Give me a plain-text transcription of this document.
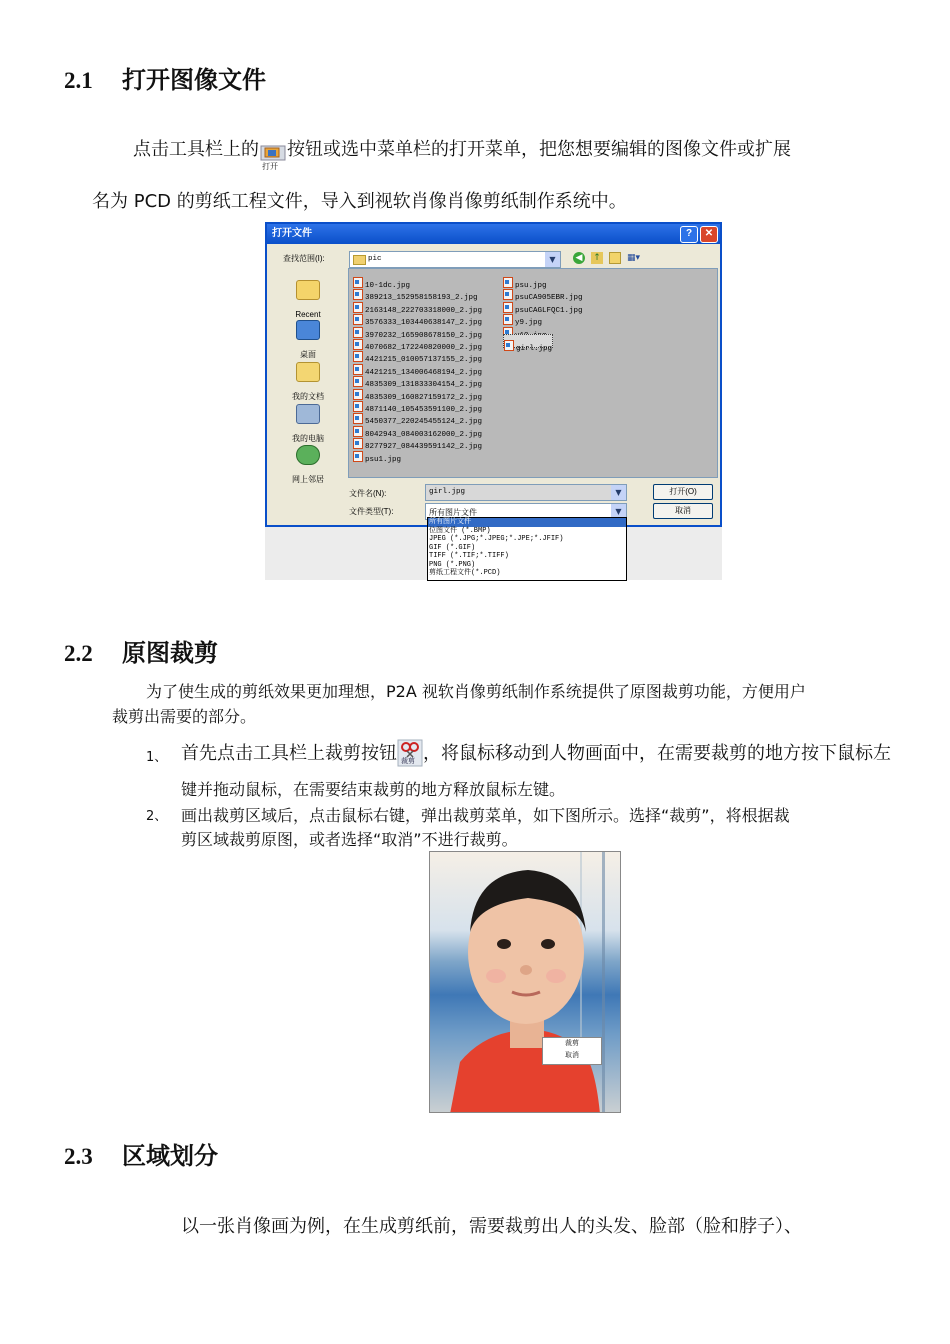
2.1 打开图像文件
点击工具栏上的
打开
按钮或选中菜单栏的打开菜单，把您想要编辑的图像文件或扩展
名为 PCD 的剪纸工程文件，导入到视软肖像肖像剪纸制作系统中。
打开文件	?	✕
查找范围(I):	pic	▼	◀ ↑	▦▾
Recent
桌面
我的文档
我的电脑
网上邻居
10-1dc.jpg
389213_152958158193_2.jpg
2163148_222703318000_2.jpg
3576333_103440638147_2.jpg
3970232_165908678150_2.jpg
4070682_172240820000_2.jpg
4421215_010057137155_2.jpg
4421215_134006468194_2.jpg
4835309_131833304154_2.jpg
4835309_160827159172_2.jpg
4871140_105453591100_2.jpg
5450377_220245455124_2.jpg
8042943_084003162000_2.jpg
8277927_084439591142_2.jpg
psu1.jpg
psu.jpg
psuCA905EBR.jpg
psuCAGLFQC1.jpg
y9.jpg
girl.jpg
文件名(N):	girl.jpg	▼	打开(O)
文件类型(T):	所有图片文件	▼	取消
所有图片文件
位图文件 (*.BMP)
JPEG (*.JPG;*.JPEG;*.JPE;*.JFIF)
GIF (*.GIF)
TIFF (*.TIF;*.TIFF)
PNG (*.PNG)
剪纸工程文件(*.PCD)
2.2 原图裁剪
为了使生成的剪纸效果更加理想，P2A 视软肖像剪纸制作系统提供了原图裁剪功能，方便用户
裁剪出需要的部分。
1、 首先点击工具栏上裁剪按钮 裁剪 ，将鼠标移动到人物画面中，在需要裁剪的地方按下鼠标左
键并拖动鼠标，在需要结束裁剪的地方释放鼠标左键。
2、 画出裁剪区域后，点击鼠标右键，弹出裁剪菜单，如下图所示。选择“裁剪”，将根据裁
剪区域裁剪原图，或者选择“取消”不进行裁剪。
裁剪
取消
2.3 区域划分
以一张肖像画为例，在生成剪纸前，需要裁剪出人的头发、脸部（脸和脖子）、
